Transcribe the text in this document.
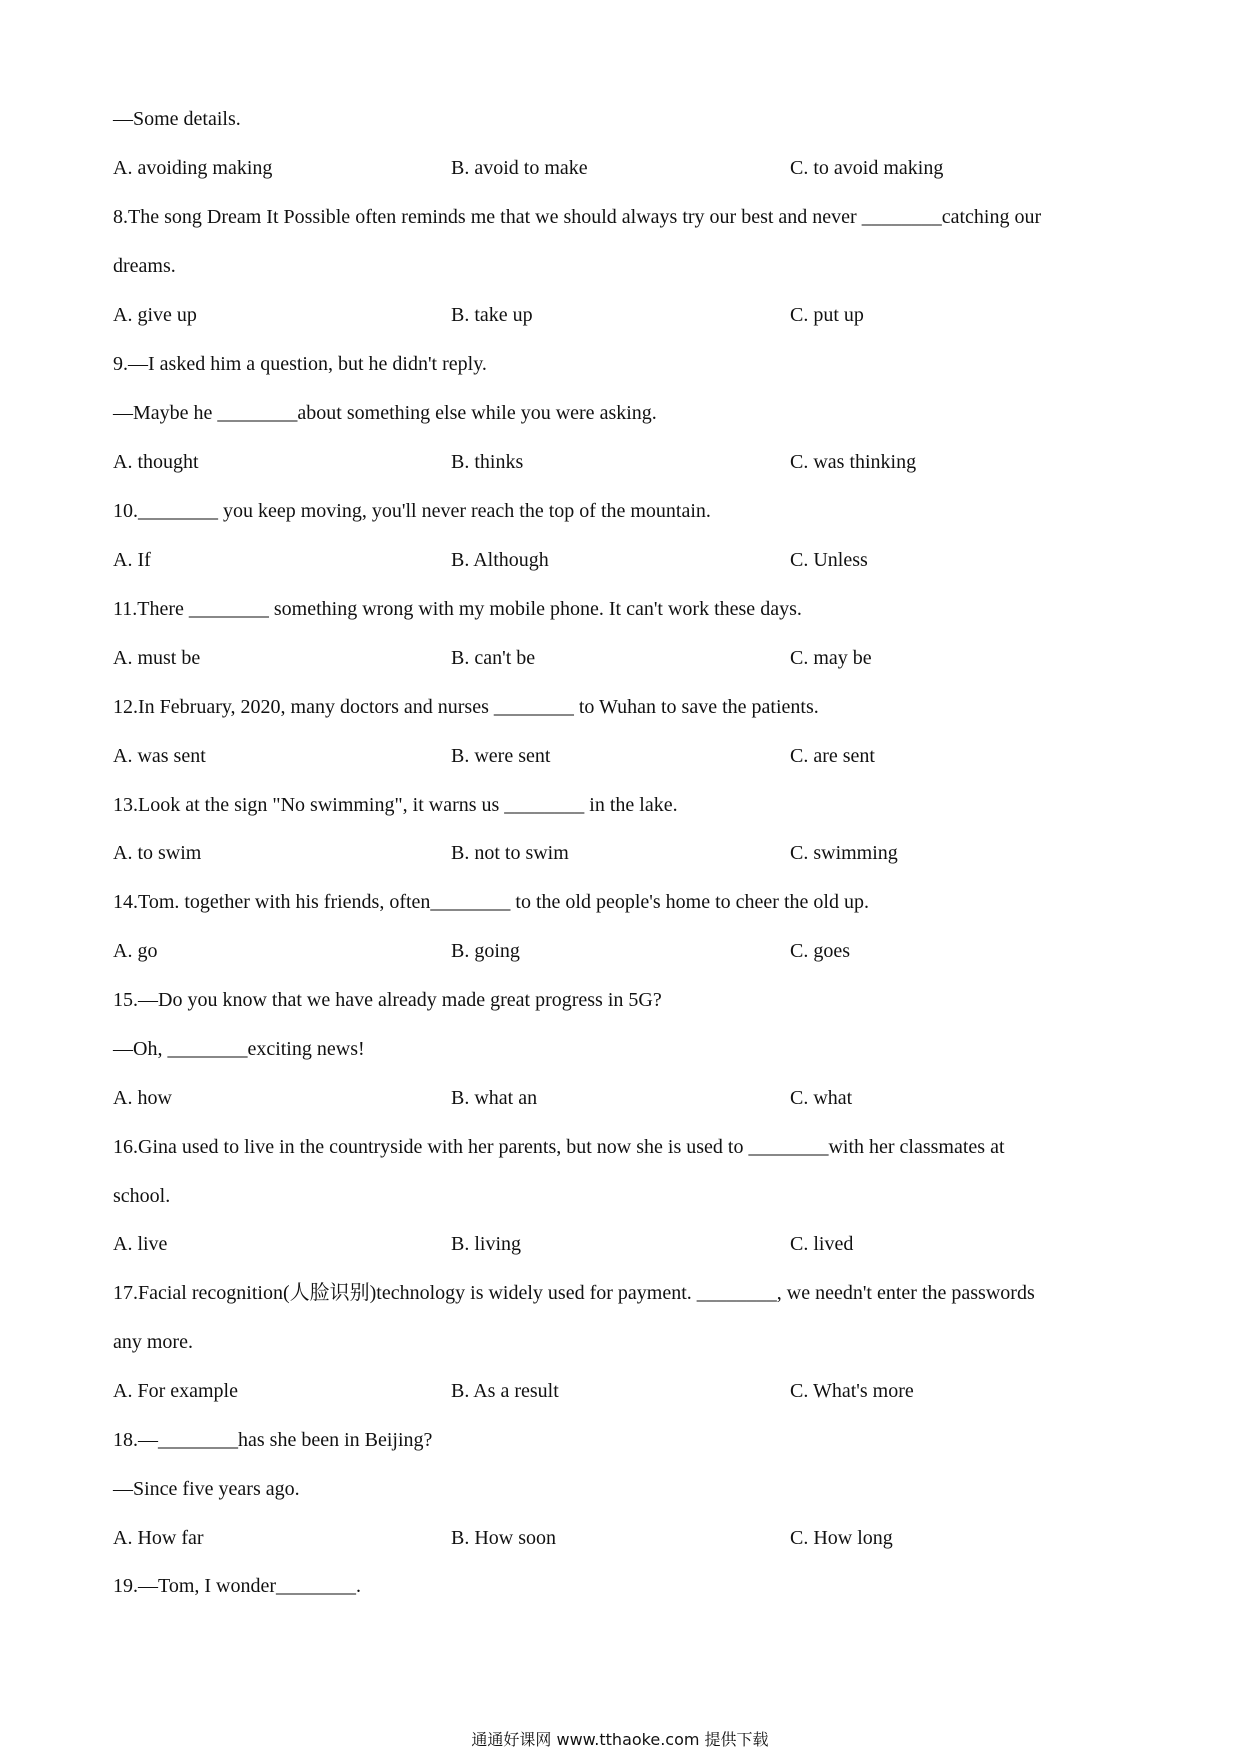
—Some details.
A. avoiding making	B. avoid to make	C. to avoid making
8.The song Dream It Possible often reminds me that we should always try our best and never ________catching our
dreams.
A. give up	B. take up	C. put up
9.—I asked him a question, but he didn't reply.
—Maybe he ________about something else while you were asking.
A. thought	B. thinks	C. was thinking
10.________ you keep moving, you'll never reach the top of the mountain.
A. If	B. Although	C. Unless
11.There ________ something wrong with my mobile phone. It can't work these days.
A. must be	B. can't be	C. may be
12.In February, 2020, many doctors and nurses ________ to Wuhan to save the patients.
A. was sent	B. were sent	C. are sent
13.Look at the sign "No swimming", it warns us ________ in the lake.
A. to swim	B. not to swim	C. swimming
14.Tom. together with his friends, often________ to the old people's home to cheer the old up.
A. go	B. going	C. goes
15.—Do you know that we have already made great progress in 5G?
—Oh, ________exciting news!
A. how	B. what an	C. what
16.Gina used to live in the countryside with her parents, but now she is used to ________with her classmates at
school.
A. live	B. living	C. lived
17.Facial recognition(人脸识别)technology is widely used for payment. ________, we needn't enter the passwords
any more.
A. For example	B. As a result	C. What's more
18.—________has she been in Beijing?
—Since five years ago.
A. How far	B. How soon	C. How long
19.—Tom, I wonder________.
通通好课网 www.tthaoke.com 提供下载
